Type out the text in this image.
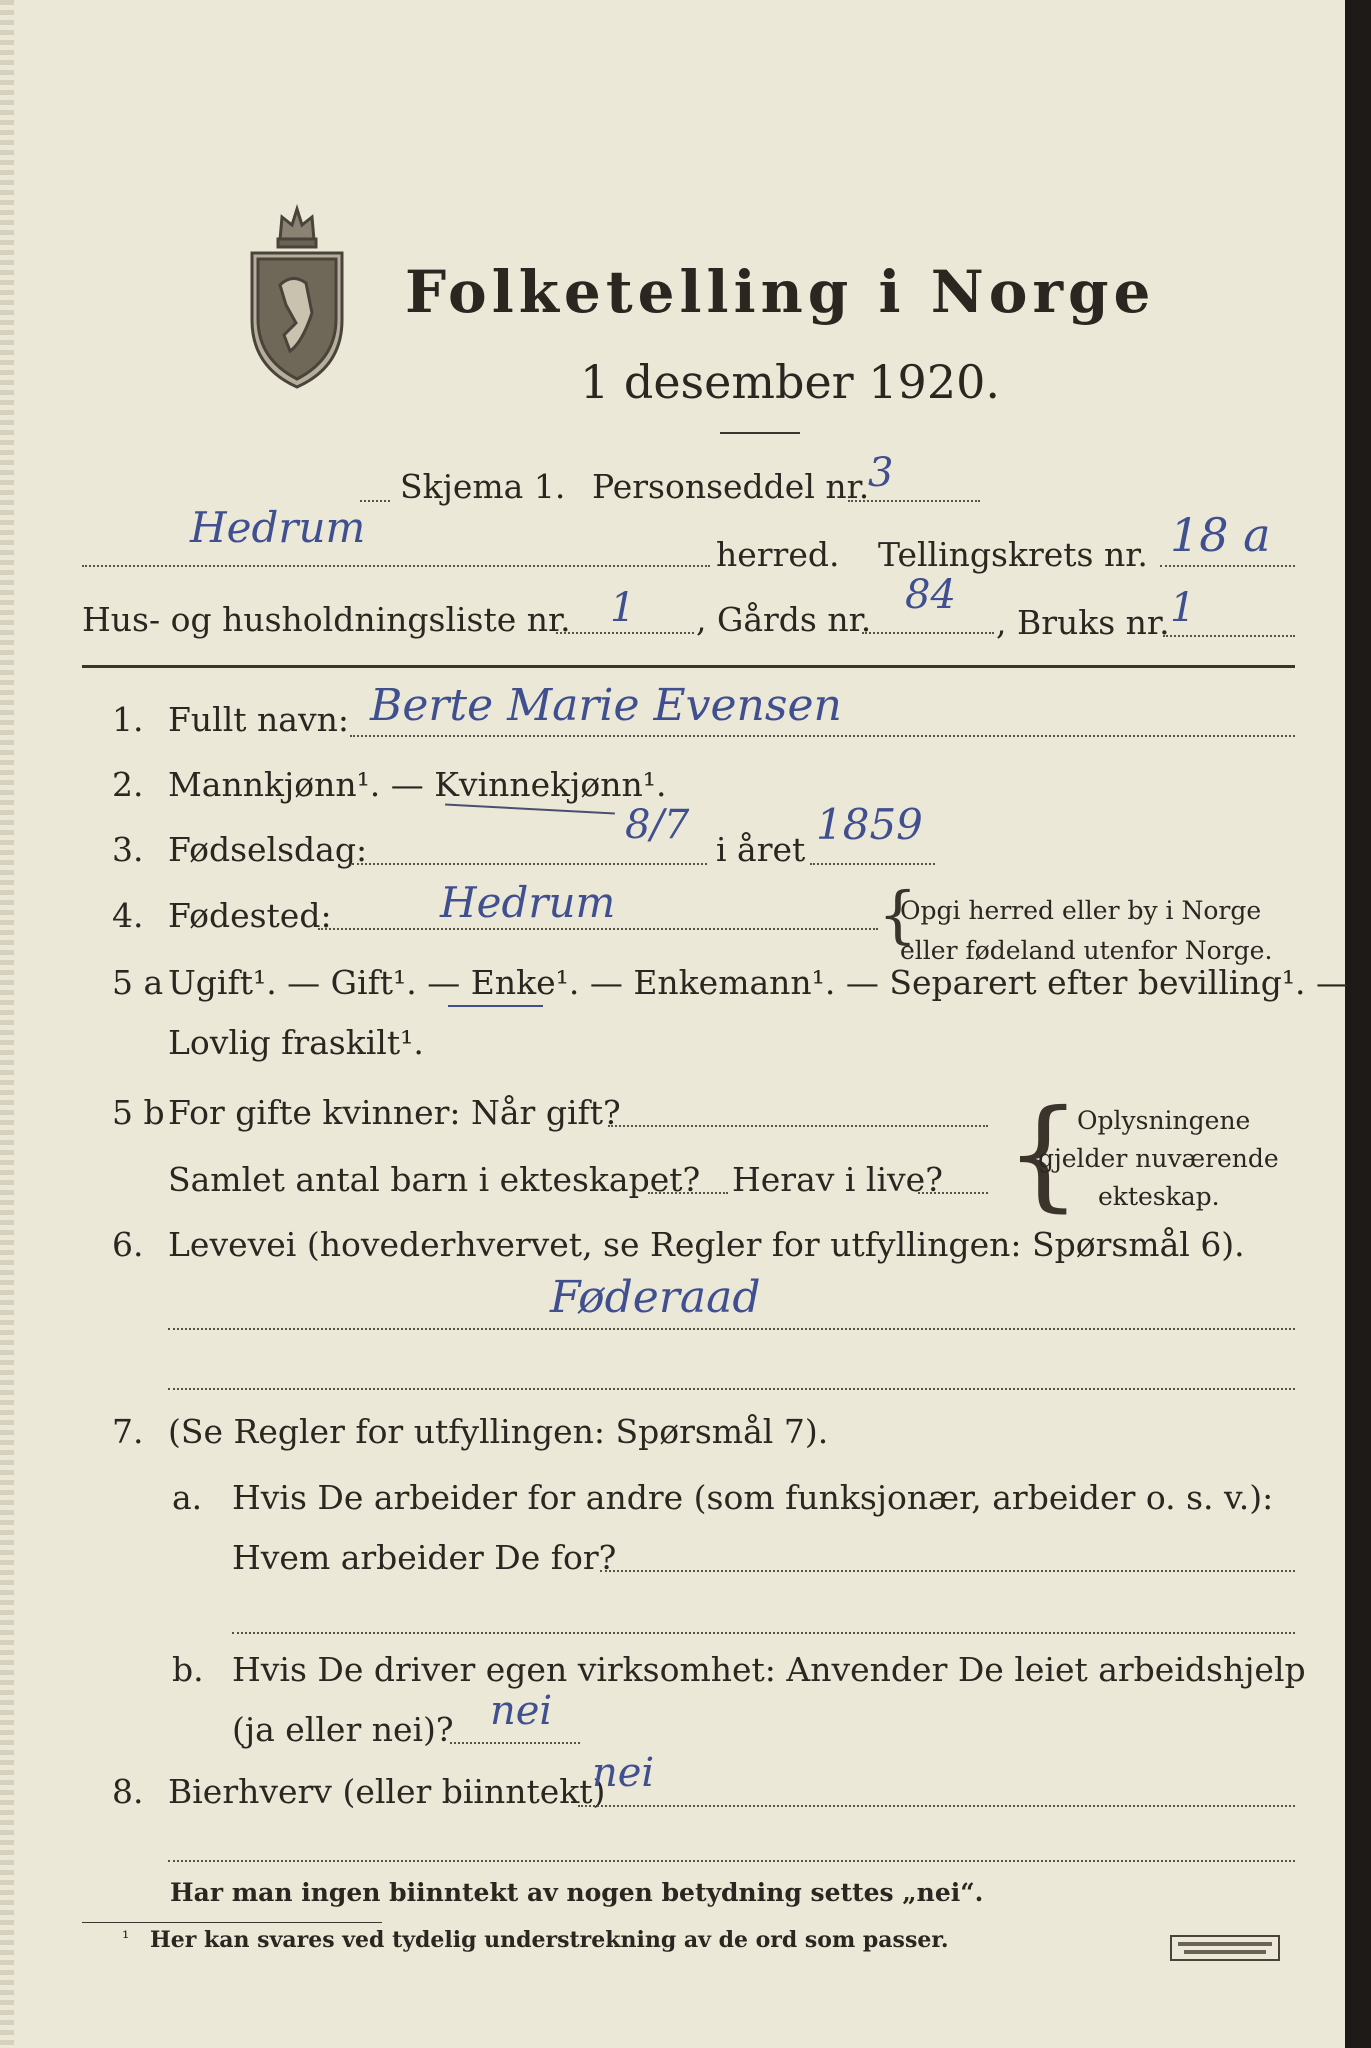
Folketelling i Norge
1 desember 1920.
Skjema 1. Personseddel nr.
3
Hedrum
herred. Tellingskrets nr. 18 a
Hus- og husholdningsliste nr. 1 , Gårds nr.
84
, Bruks nr. 1
1. Fullt navn: Berte Marie Evensen
2. Mannkjønn¹. — Kvinnekjønn¹.
3. Fødselsdag:
8/7
i året
1859
4. Fødested:	Hedrum	{
Opgi herred eller by i Norge
eller fødeland utenfor Norge.
5 a Ugift¹. — Gift¹. — Enke¹. — Enkemann¹. — Separert efter bevilling¹. —
Lovlig fraskilt¹.
5 b For gifte kvinner: Når gift?
Samlet antal barn i ekteskapet? Herav i live? {
Oplysningene
gjelder nuværende
ekteskap.
6. Levevei (hovederhvervet, se Regler for utfyllingen: Spørsmål 6).
Føderaad
7. (Se Regler for utfyllingen: Spørsmål 7).
a. Hvis De arbeider for andre (som funksjonær, arbeider o. s. v.):
Hvem arbeider De for?
b. Hvis De driver egen virksomhet: Anvender De leiet arbeidshjelp
(ja eller nei)? nei
8. Bierhverv (eller biinntekt)
nei
Har man ingen biinntekt av nogen betydning settes „nei“.
¹ Her kan svares ved tydelig understrekning av de ord som passer.
